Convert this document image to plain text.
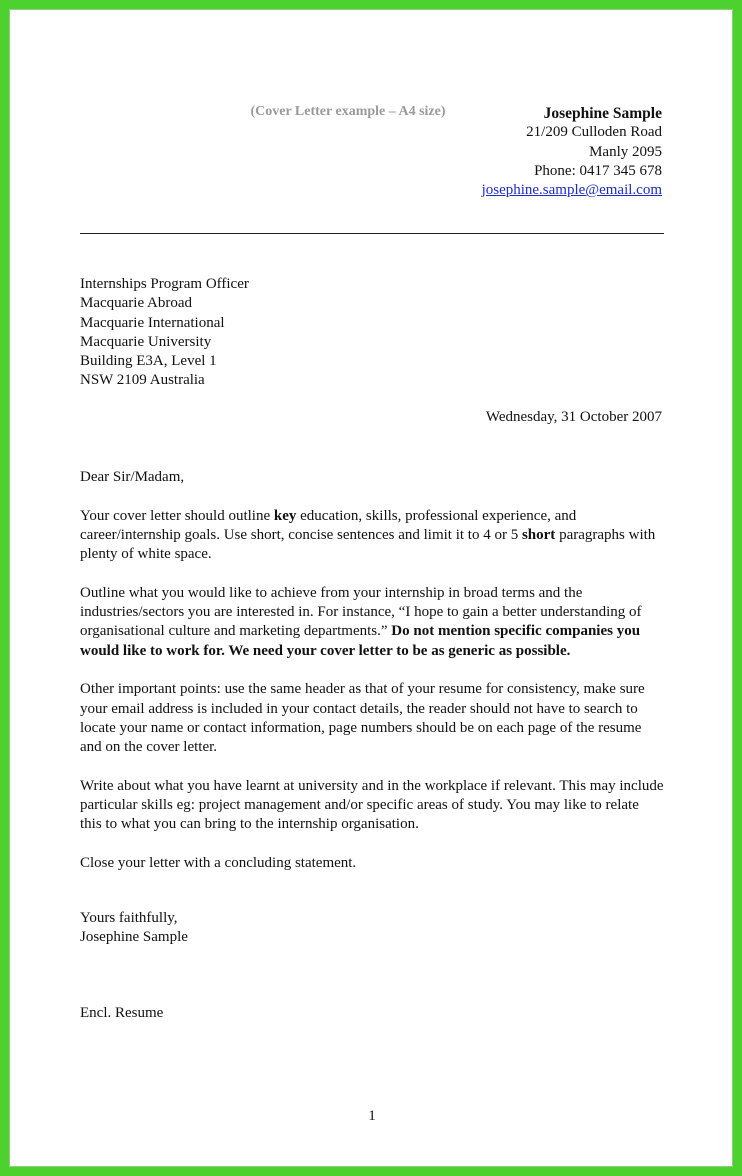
(Cover Letter example – A4 size)	Josephine Sample
21/209 Culloden Road
Manly 2095
Phone: 0417 345 678
josephine.sample@email.com
Internships Program Officer
Macquarie Abroad
Macquarie International
Macquarie University
Building E3A, Level 1
NSW 2109 Australia
Wednesday, 31 October 2007

Dear Sir/Madam,

Your cover letter should outline key education, skills, professional experience, and career/internship goals. Use short, concise sentences and limit it to 4 or 5 short paragraphs with plenty of white space.

Outline what you would like to achieve from your internship in broad terms and the industries/sectors you are interested in. For instance, “I hope to gain a better understanding of organisational culture and marketing departments.” Do not mention specific companies you would like to work for. We need your cover letter to be as generic as possible.

Other important points: use the same header as that of your resume for consistency, make sure your email address is included in your contact details, the reader should not have to search to locate your name or contact information, page numbers should be on each page of the resume and on the cover letter.

Write about what you have learnt at university and in the workplace if relevant. This may include particular skills eg: project management and/or specific areas of study. You may like to relate this to what you can bring to the internship organisation.

Close your letter with a concluding statement.

Yours faithfully,
Josephine Sample
Encl. Resume
1
